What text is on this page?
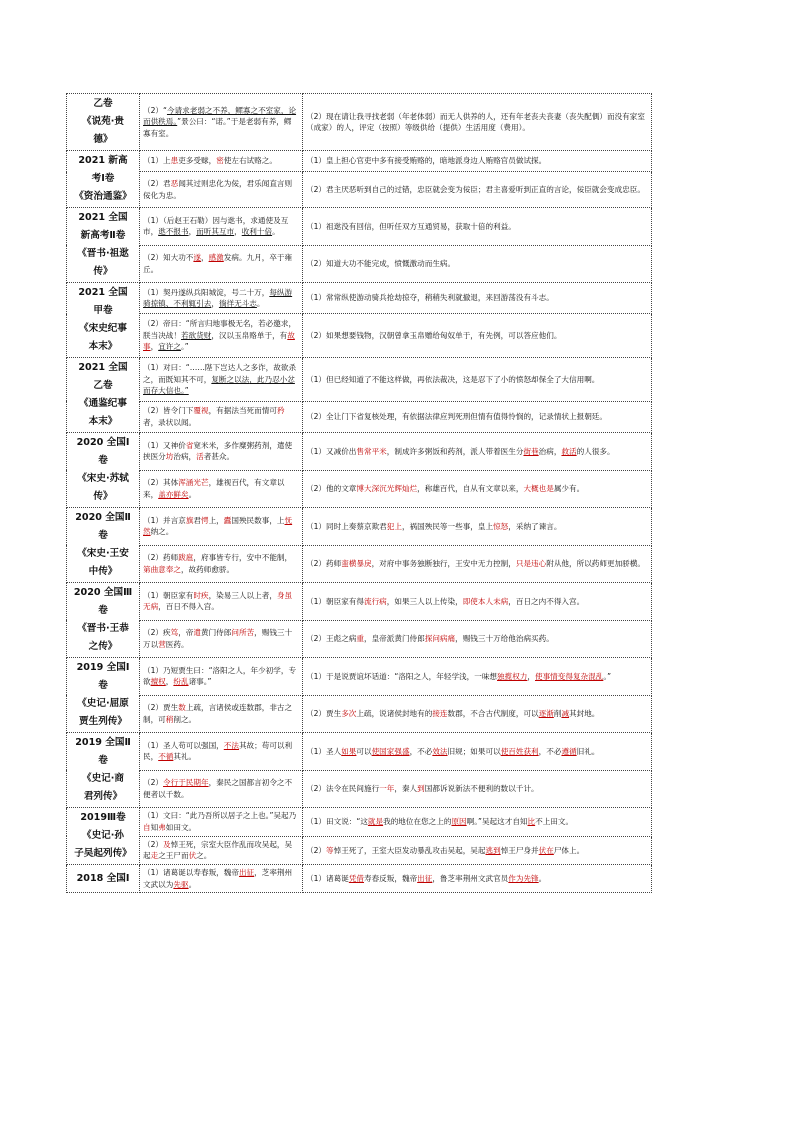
乙卷
《说苑·贵
德》	（2）“今请求老弱之不养，鳏寡之不室家，论而供秩焉。”景公曰：“诺。”于是老弱有养，鳏寡有室。	（2）现在请让我寻找老弱（年老体弱）而无人供养的人，还有年老丧夫丧妻（丧失配偶）而没有家室（成家）的人，评定（按照）等级供给（提供）生活用度（费用）。

2021 新高
考Ⅰ卷
《资治通鉴》	（1）上患吏多受赇，密使左右试赂之。	（1）皇上担心官吏中多有接受贿赂的，暗地派身边人贿赂官员做试探。
	（2）君恶闻其过则忠化为佞，君乐闻直言则佞化为忠。	（2）君主厌恶听到自己的过错，忠臣就会变为佞臣；君主喜爱听到正直的言论，佞臣就会变成忠臣。

2021 全国
新高考Ⅱ卷
《晋书·祖逖
传》	（1）（后赵王石勒）因与逖书，求通使及互市，逖不报书，而听其互市，收利十倍。	（1）祖逖没有回信，但听任双方互通贸易，获取十倍的利益。
	（2）知大功不遂，感激发病。九月，卒于雍丘。	（2）知道大功不能完成，愤慨激动而生病。

2021 全国
甲卷
《宋史纪事
本末》	（1）契丹遂纵兵阳城淀，号二十万，每纵游骑掠镇、不利辄引去，徜徉无斗志。	（1）常常纵使游动骑兵抢劫掠夺，稍稍失利就撤退，来回游荡没有斗志。
	（2）帝曰：“所言归地事极无名，若必邀求，朕当决战！若欲货财，汉以玉帛赂单于，有故事，宜许之。”	（2）如果想要钱物，汉朝曾拿玉帛赠给匈奴单于，有先例，可以答应他们。

2021 全国
乙卷
《通鉴纪事
本末》	（1）对曰：“……陛下岂达人之多诈，故欲杀之，而既知其不可，复断之以法，此乃忍小忿而存大信也。”	（1）但已经知道了不能这样做，再依法裁决，这是忍下了小的愤怒却保全了大信用啊。
	（2）皆令门下覆视，有据法当死而情可矜者，录状以闻。	（2）全让门下省复核处理，有依据法律应判死刑但情有值得怜悯的，记录情状上报朝廷。

2020 全国Ⅰ
卷
《宋史·苏轼
传》	（1）又神价省宽米米，多作糜粥药剂，遣使挟医分坊治病，活者甚众。	（1）又减价出售常平米，制成许多粥饭和药剂，派人带着医生分街巷治病，救活的人很多。
	（2）其体浑涵光芒，雄视百代，有文章以来，盖亦鲜矣。	（2）他的文章博大深沉光辉灿烂，称雄百代，自从有文章以来，大概也是属少有。

2020 全国Ⅱ
卷
《宋史·王安
中传》	（1）并言京旗君愕上，蠹国殃民数事，上怃然纳之。	（1）同时上奏蔡京欺君犯上，祸国殃民等一些事，皇上惊怒，采纳了谏言。
	（2）药师跋扈，府事皆专行，安中不能制，第曲意奉之，故药师愈骄。	（2）药师蛮横暴戾，对府中事务独断独行，王安中无力控制，只是违心附从他，所以药师更加骄横。

2020 全国Ⅲ
卷
《晋书·王恭
之传》	（1）朝臣家有时疾，染易三人以上者，身虽无病，百日不得入宫。	（1）朝臣家有得流行病，如果三人以上传染，即使本人未病，百日之内不得入宫。
	（2）疾笃，帝遣黄门侍郎问所苦，赐钱三十万以营医药。	（2）王彪之病重，皇帝派黄门侍郎探问病痛，赐钱三十万给他治病买药。

2019 全国Ⅰ
卷
《史记·屈原
贾生列传》	（1）乃短贾生曰：“洛阳之人，年少初学，专欲擅权，纷乱诸事。”	（1）于是说贾谊坏话道：“洛阳之人，年轻学浅，一味想独揽权力，使事情变得复杂混乱。”
	（2）贾生数上疏，言诸侯或连数郡，非古之制，可稍削之。	（2）贾生多次上疏，说诸侯封地有的接连数郡，不合古代制度，可以逐渐削减其封地。

2019 全国Ⅱ
卷
《史记·商
君列传》	（1）圣人苟可以强国，不法其故；苟可以利民，不循其礼。	（1）圣人如果可以使国家强盛，不必效法旧规；如果可以使百姓获利，不必遵循旧礼。
	（2）令行于民期年，秦民之国都言初令之不便者以千数。	（2）法令在民间施行一年，秦人到国都诉说新法不便利的数以千计。

2019Ⅲ卷
《史记·孙
子吴起列传》	（1）文曰：“此乃吾所以居子之上也。”吴起乃自知弗如田文。	（1）田文说：“这就是我的地位在您之上的原因啊。”吴起这才自知比不上田文。
	（2）及悼王死，宗室大臣作乱而攻吴起，吴起走之王尸而伏之。	（2）等悼王死了，王室大臣发动暴乱攻击吴起，吴起逃到悼王尸身并伏在尸体上。

2018 全国Ⅰ	（1）诸葛诞以寿春叛，魏帝出征，芝率荆州文武以为先驱。	（1）诸葛诞凭借寿春反叛，魏帝出征，鲁芝率荆州文武官员作为先锋。
